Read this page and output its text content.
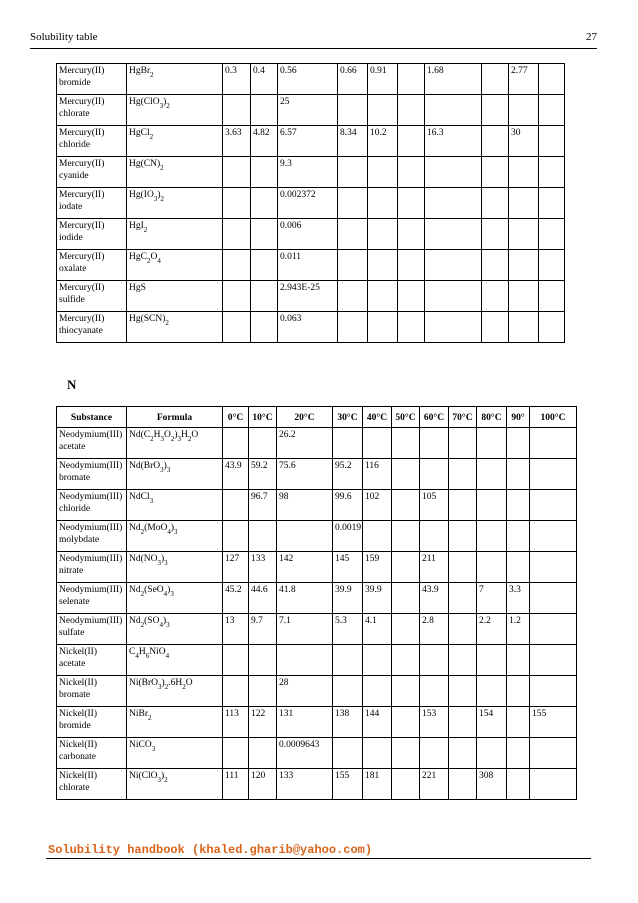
Solubility table	27
Mercury(II)
bromide	HgBr$_2$	0.3	0.4	0.56	0.66	0.91		1.68		2.77			

Mercury(II)
chlorate	$Hg(ClO_3)_2$			25									

Mercury(II)
chloride	HgCl$_2$	3.63	4.82	6.57	8.34	10.2		16.3		30			

Mercury(II)
cyanide	$Hg(CN)_2$			9.3									

Mercury(II)
iodate	$Hg(IO_3)_2$			0.002372									

Mercury(II)
iodide	HgI$_2$			0.006									

Mercury(II)
oxalate	$HgC_2O_4$			0.011									

Mercury(II)
sulfide	HgS			2.943E-25									

Mercury(II)
thiocyanate	$Hg(SCN)_2$			0.063									
N
Substance	Formula	0°C	10°C	20°C	30°C	40°C	50°C	60°C	70°C	80°C	90°	100°C

Neodymium(III)
acetate	$Nd(C_2H_3O_2)_3H_2O$			26.2								

Neodymium(III)
bromate	$Nd(BrO_3)_3$	43.9	59.2	75.6	95.2	116						

Neodymium(III)
chloride	NdCl$_3$		96.7	98	99.6	102		105				

Neodymium(III)
molybdate	$Nd_2(MoO_4)_3$				0.0019							

Neodymium(III)
nitrate	$Nd(NO_3)_3$	127	133	142	145	159		211				

Neodymium(III)
selenate	$Nd_2(SeO_4)_3$	45.2	44.6	41.8	39.9	39.9		43.9		7	3.3	

Neodymium(III)
sulfate	$Nd_2(SO_4)_3$	13	9.7	7.1	5.3	4.1		2.8		2.2	1.2	

Nickel(II)
acetate	$C_4H_6NiO_4$											

Nickel(II)
bromate	$Ni(BrO_3)_2.6H_2O$			28								

Nickel(II)
bromide	NiBr$_2$	113	122	131	138	144		153		154		155

Nickel(II)
carbonate	NiCO$_3$			0.0009643								

Nickel(II)
chlorate	$Ni(ClO_3)_2$	111	120	133	155	181		221		308		
Solubility handbook (khaled.gharib@yahoo.com)
